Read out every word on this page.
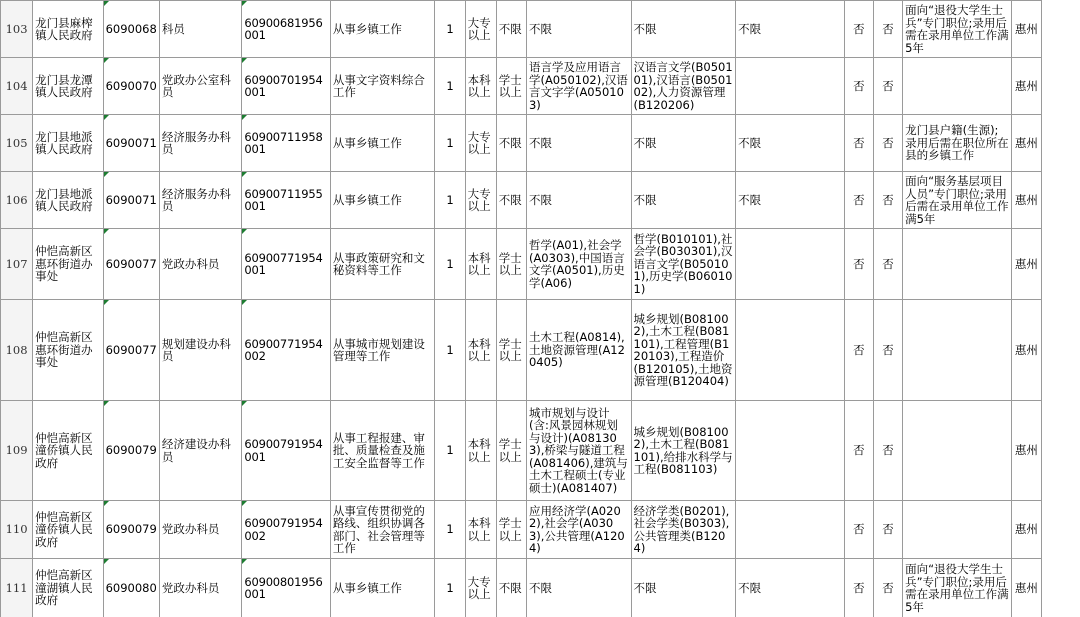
103	龙门县麻榨镇人民政府	6090068	科员	60900681956001	从事乡镇工作	1	大专以上	不限	不限	不限	不限	否	否	面向“退役大学生士兵”专门职位;录用后需在录用单位工作满5年	惠州
104	龙门县龙潭镇人民政府	6090070	党政办公室科员	60900701954001	从事文字资料综合工作	1	本科以上	学士以上	语言学及应用语言学(A050102),汉语言文字学(A050103)	汉语言文学(B050101),汉语言(B050102),人力资源管理(B120206)		否	否		惠州
105	龙门县地派镇人民政府	6090071	经济服务办科员	60900711958001	从事乡镇工作	1	大专以上	不限	不限	不限	不限	否	否	龙门县户籍(生源);录用后需在职位所在县的乡镇工作	惠州
106	龙门县地派镇人民政府	6090071	经济服务办科员	60900711955001	从事乡镇工作	1	大专以上	不限	不限	不限	不限	否	否	面向“服务基层项目人员”专门职位;录用后需在录用单位工作满5年	惠州
107	仲恺高新区惠环街道办事处	6090077	党政办科员	60900771954001	从事政策研究和文秘资料等工作	1	本科以上	学士以上	哲学(A01),社会学(A0303),中国语言文学(A0501),历史学(A06)	哲学(B010101),社会学(B030301),汉语言文学(B050101),历史学(B060101)		否	否		惠州
108	仲恺高新区惠环街道办事处	6090077	规划建设办科员	60900771954002	从事城市规划建设管理等工作	1	本科以上	学士以上	土木工程(A0814),土地资源管理(A120405)	城乡规划(B081002),土木工程(B081101),工程管理(B120103),工程造价(B120105),土地资源管理(B120404)		否	否		惠州
109	仲恺高新区潼侨镇人民政府	6090079	经济建设办科员	60900791954001	从事工程报建、审批、质量检查及施工安全监督等工作	1	本科以上	学士以上	城市规划与设计(含:风景园林规划与设计)(A081303),桥梁与隧道工程(A081406),建筑与土木工程硕士(专业硕士)(A081407)	城乡规划(B081002),土木工程(B081101),给排水科学与工程(B081103)		否	否		惠州
110	仲恺高新区潼侨镇人民政府	6090079	党政办科员	60900791954002	从事宣传贯彻党的路线、组织协调各部门、社会管理等工作	1	本科以上	学士以上	应用经济学(A0202),社会学(A0303),公共管理(A1204)	经济学类(B0201),社会学类(B0303),公共管理类(B1204)		否	否		惠州
111	仲恺高新区潼湖镇人民政府	6090080	党政办科员	60900801956001	从事乡镇工作	1	大专以上	不限	不限	不限	不限	否	否	面向“退役大学生士兵”专门职位;录用后需在录用单位工作满5年	惠州
